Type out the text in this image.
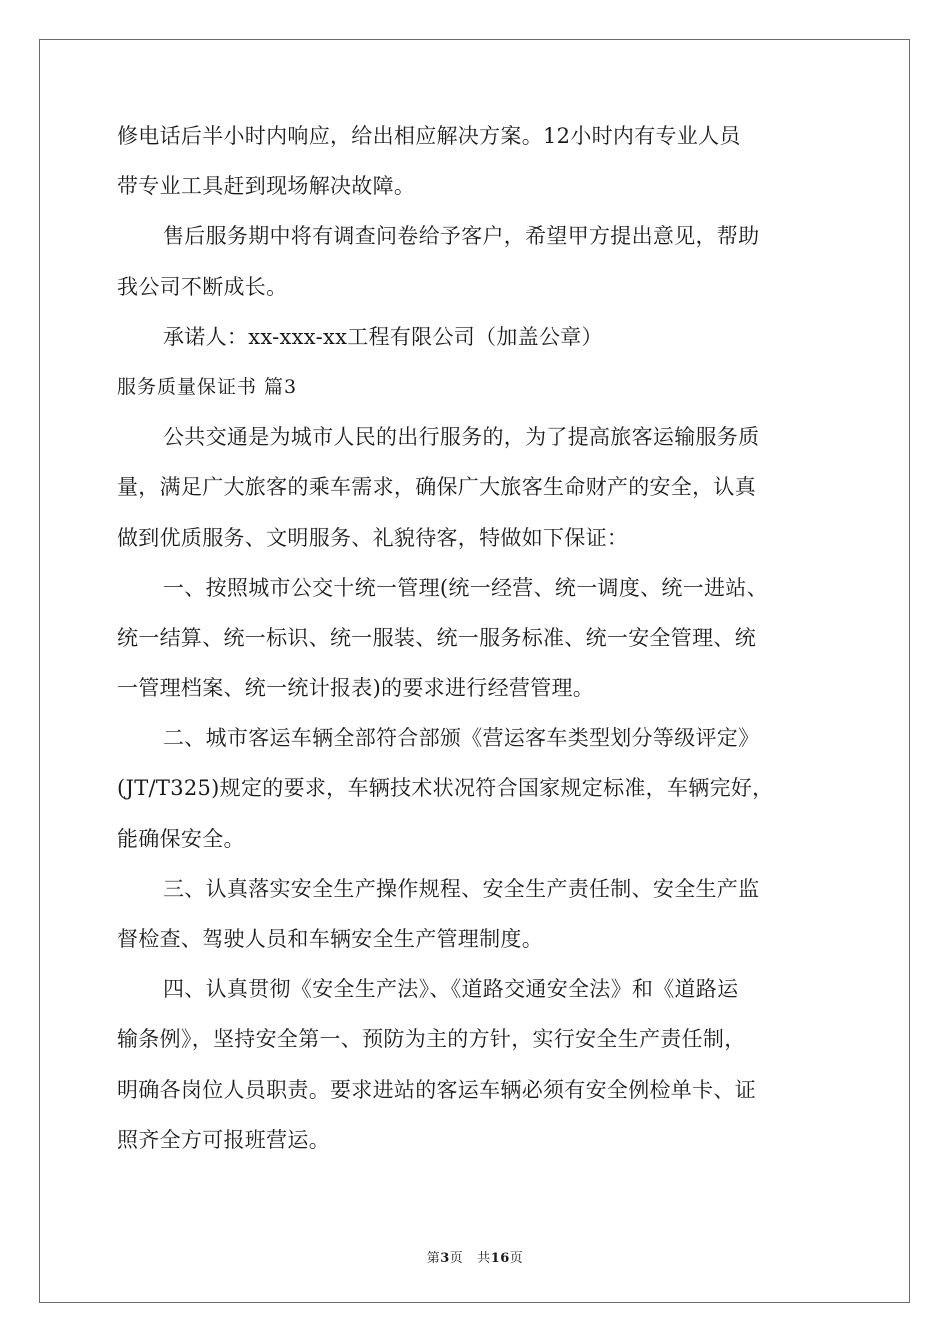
修电话后半小时内响应，给出相应解决方案。12小时内有专业人员
带专业工具赶到现场解决故障。
售后服务期中将有调查问卷给予客户，希望甲方提出意见，帮助
我公司不断成长。
承诺人：xx-xxx-xx工程有限公司（加盖公章）
服务质量保证书 篇3
公共交通是为城市人民的出行服务的，为了提高旅客运输服务质
量，满足广大旅客的乘车需求，确保广大旅客生命财产的安全，认真
做到优质服务、文明服务、礼貌待客，特做如下保证：
一、按照城市公交十统一管理(统一经营、统一调度、统一进站、
统一结算、统一标识、统一服装、统一服务标准、统一安全管理、统
一管理档案、统一统计报表)的要求进行经营管理。
二、城市客运车辆全部符合部颁《营运客车类型划分等级评定》
(JT/T325)规定的要求，车辆技术状况符合国家规定标准，车辆完好，
能确保安全。
三、认真落实安全生产操作规程、安全生产责任制、安全生产监
督检查、驾驶人员和车辆安全生产管理制度。
四、认真贯彻《安全生产法》、《道路交通安全法》和《道路运
输条例》，坚持安全第一、预防为主的方针，实行安全生产责任制，
明确各岗位人员职责。要求进站的客运车辆必须有安全例检单卡、证
照齐全方可报班营运。
第3页 共16页
